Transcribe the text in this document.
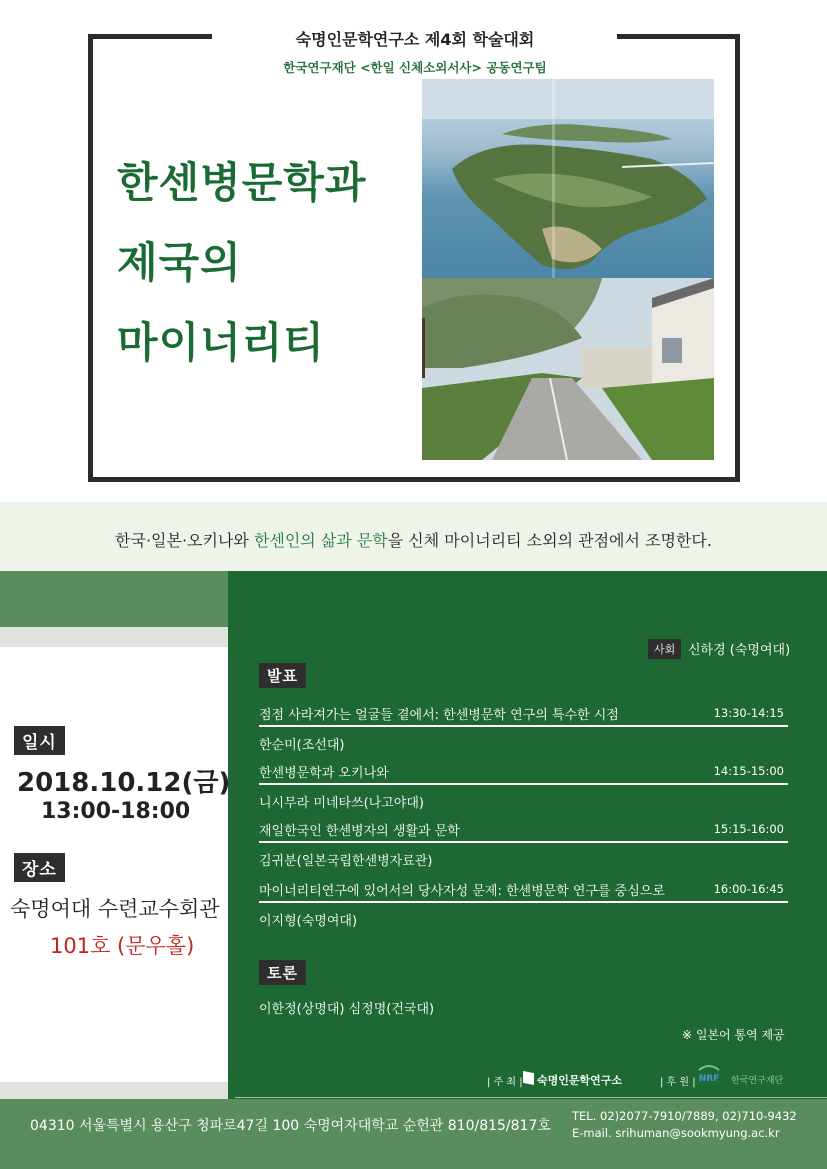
숙명인문학연구소 제4회 학술대회
한국연구재단 <한일 신체소외서사> 공동연구팀
한센병문학과
제국의
마이너리티
한국·일본·오키나와 한센인의 삶과 문학을 신체 마이너리티 소외의 관점에서 조명한다.
일시
2018.10.12(금)
13:00-18:00
장소
숙명여대 수련교수회관
101호 (문우홀)
사회 신하경 (숙명여대)
발표
점점 사라져가는 얼굴들 곁에서: 한센병문학 연구의 특수한 시점	13:30-14:15
한순미(조선대)
한센병문학과 오키나와	14:15-15:00
니시무라 미네타쓰(나고야대)
재일한국인 한센병자의 생활과 문학	15:15-16:00
김귀분(일본국립한센병자료관)
마이너리티연구에 있어서의 당사자성 문제: 한센병문학 연구를 중심으로	16:00-16:45
이지형(숙명여대)
토론
이한정(상명대) 심정명(건국대)
※ 일본어 통역 제공
| 주 최 | 숙명인문학연구소	| 후 원 | NRF 한국연구재단
04310 서울특별시 용산구 청파로47길 100 숙명여자대학교 순헌관 810/815/817호
TEL. 02)2077-7910/7889, 02)710-9432
E-mail. srihuman@sookmyung.ac.kr
